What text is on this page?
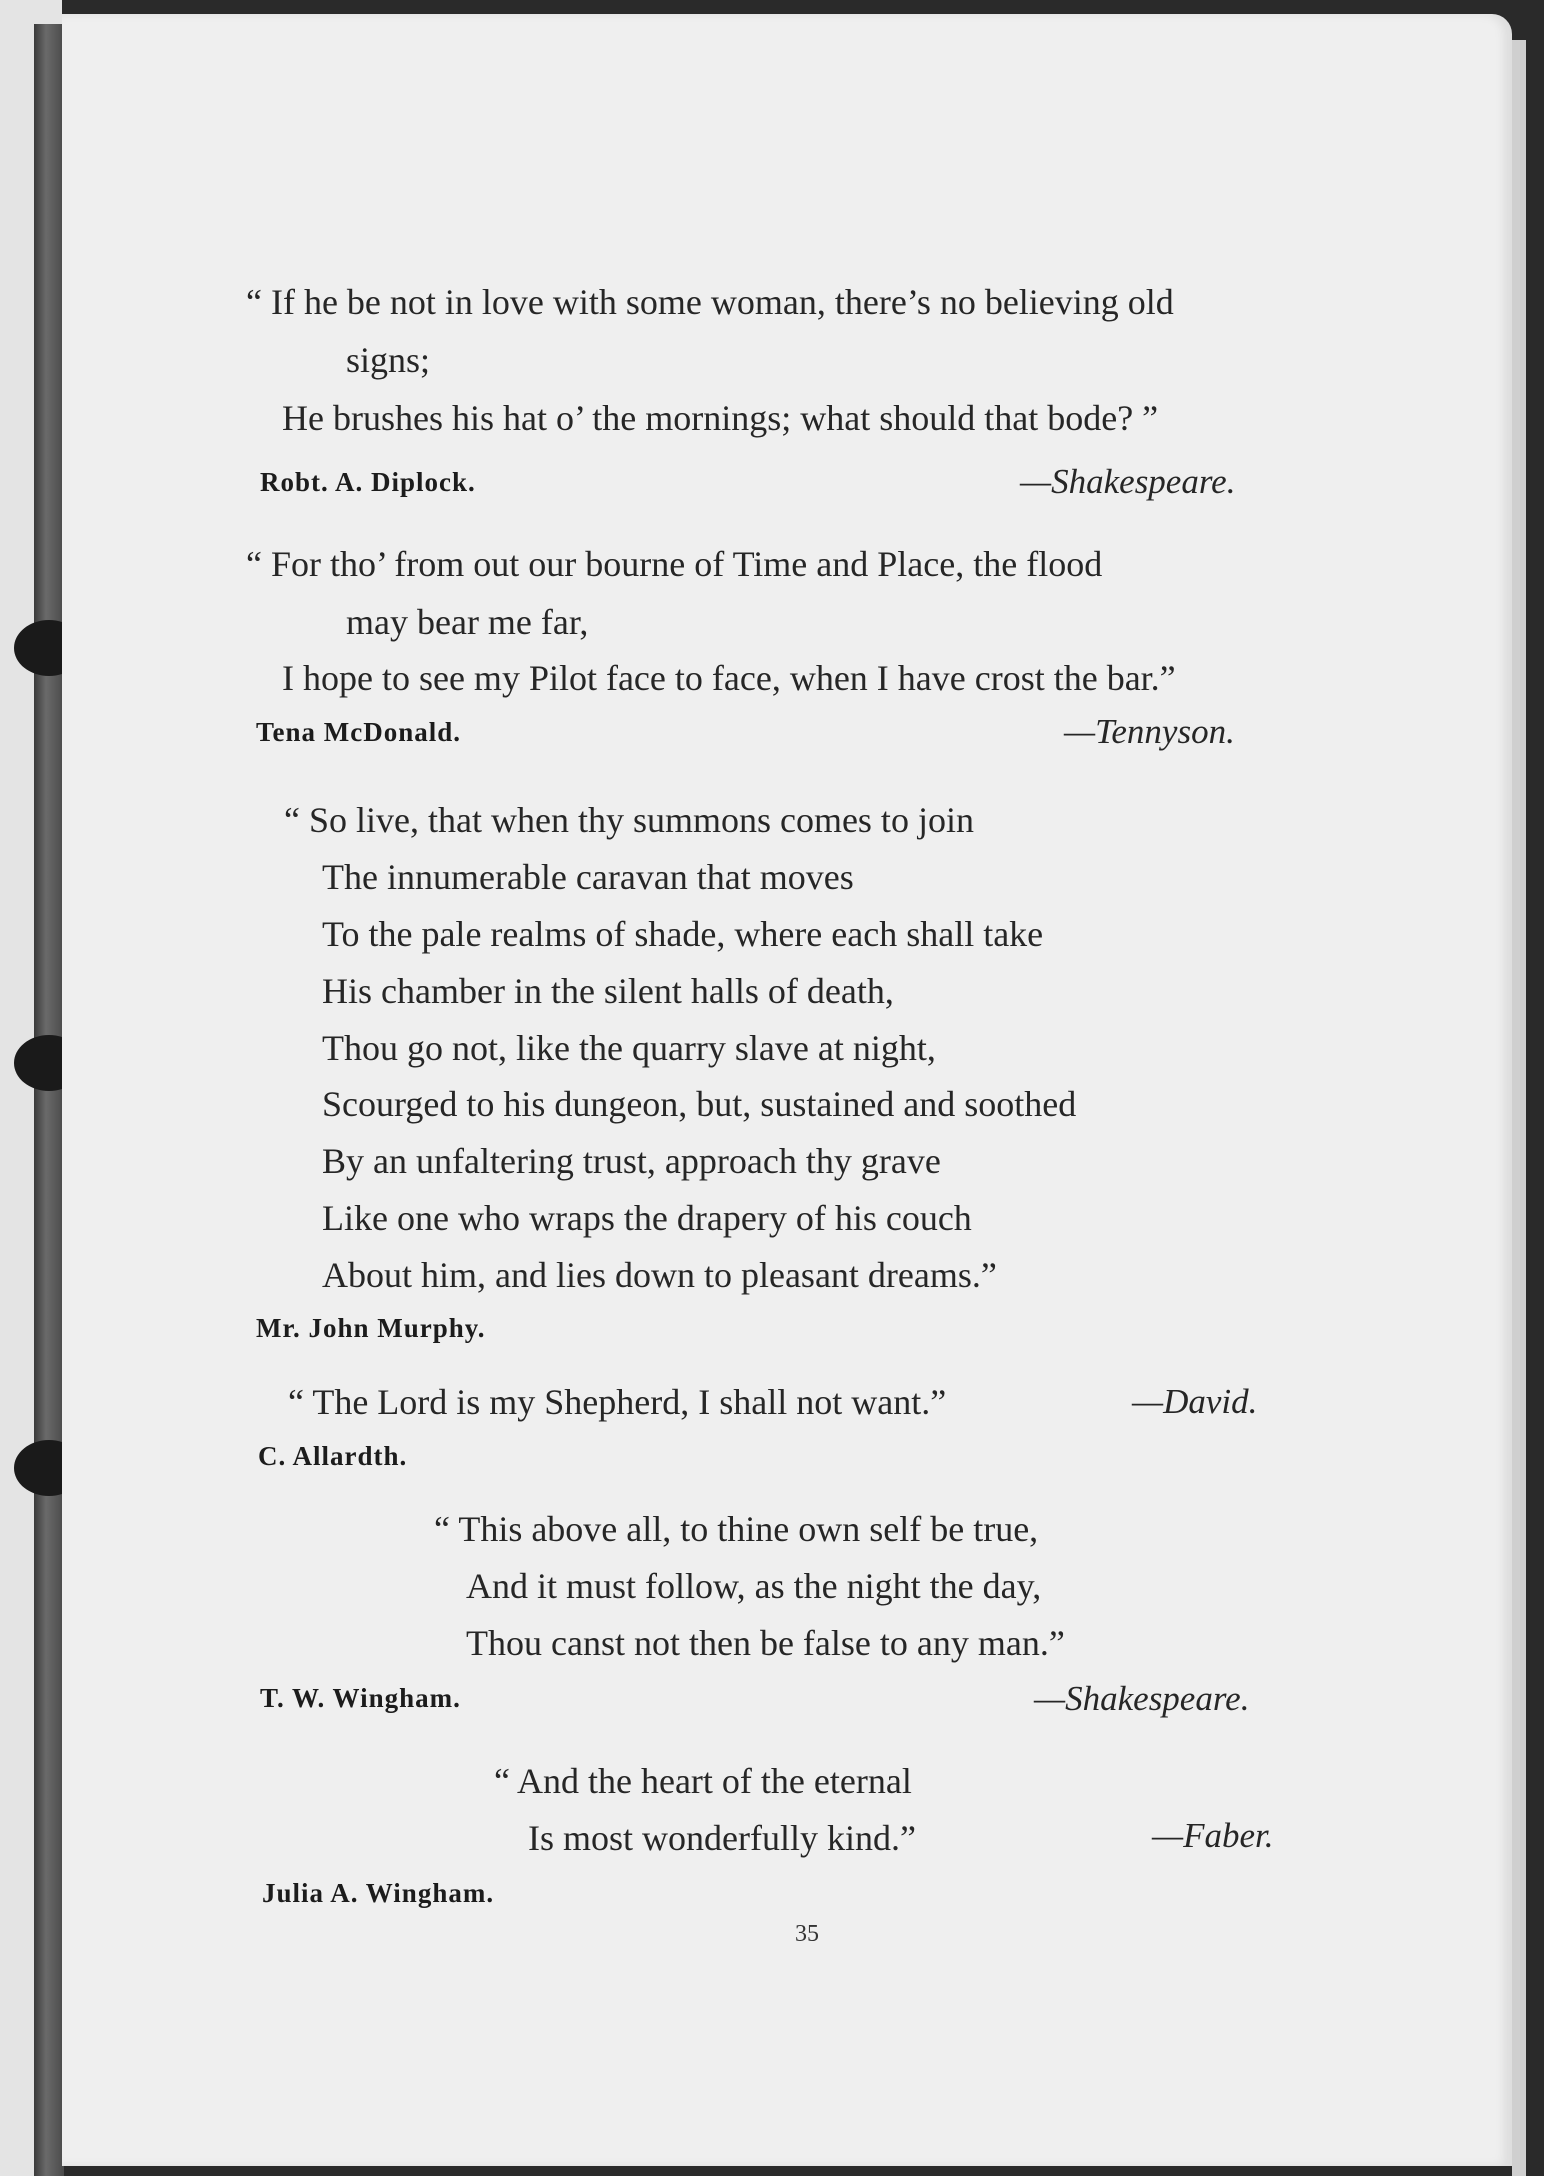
“ If he be not in love with some woman, there’s no believing old

signs;

He brushes his hat o’ the mornings; what should that bode? ”

Robt. A. Diplock.	—Shakespeare.

“ For tho’ from out our bourne of Time and Place, the flood

may bear me far,

I hope to see my Pilot face to face, when I have crost the bar.”

Tena McDonald.	—Tennyson.

“ So live, that when thy summons comes to join

The innumerable caravan that moves

To the pale realms of shade, where each shall take

His chamber in the silent halls of death,

Thou go not, like the quarry slave at night,

Scourged to his dungeon, but, sustained and soothed

By an unfaltering trust, approach thy grave

Like one who wraps the drapery of his couch

About him, and lies down to pleasant dreams.”

Mr. John Murphy.

“ The Lord is my Shepherd, I shall not want.”	—David.

C. Allardth.

“ This above all, to thine own self be true,

And it must follow, as the night the day,

Thou canst not then be false to any man.”

T. W. Wingham.	—Shakespeare.

“ And the heart of the eternal

Is most wonderfully kind.”	—Faber.

Julia A. Wingham.

35
